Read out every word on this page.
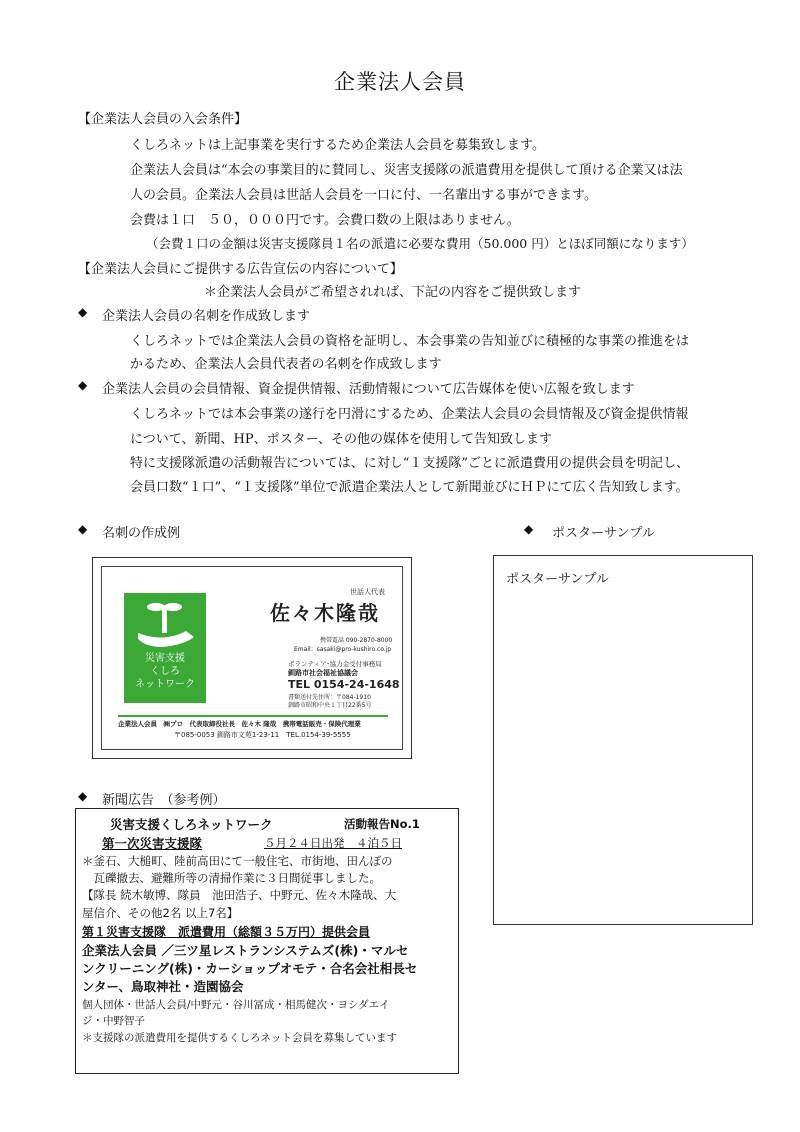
企業法人会員
【企業法人会員の入会条件】
くしろネットは上記事業を実行するため企業法人会員を募集致します。
企業法人会員は“本会の事業目的に賛同し、災害支援隊の派遣費用を提供して頂ける企業又は法
人の会員。企業法人会員は世話人会員を一口に付、一名輩出する事ができます。
会費は１口　５０，０００円です。会費口数の上限はありません。
（会費１口の金額は災害支援隊員１名の派遣に必要な費用（50.000 円）とほぼ同額になります）
【企業法人会員にご提供する広告宣伝の内容について】
＊企業法人会員がご希望されれば、下記の内容をご提供致します
◆ 企業法人会員の名刺を作成致します
くしろネットでは企業法人会員の資格を証明し、本会事業の告知並びに積極的な事業の推進をは
かるため、企業法人会員代表者の名刺を作成致します
◆ 企業法人会員の会員情報、資金提供情報、活動情報について広告媒体を使い広報を致します
くしろネットでは本会事業の遂行を円滑にするため、企業法人会員の会員情報及び資金提供情報
について、新聞、HP、ポスター、その他の媒体を使用して告知致します
特に支援隊派遣の活動報告については、に対し“１支援隊”ごとに派遣費用の提供会員を明記し、
会員口数“１口”、“１支援隊”単位で派遣企業法人として新聞並びにＨＰにて広く告知致します。
◆ 名刺の作成例	◆ ポスターサンプル
災害支援
くしろ
ネットワーク
世話人代表
佐々木隆哉
携帯電話 090-2870-8000
Email：sasaki@pro-kushiro.co.jp
ボランティア･協力金受付事務局
釧路市社会福祉協議会
TEL 0154-24-1648
書類送付先住所：〒084-1910
釧路市昭和中央１丁目22番5号
企業法人会員　㈱プロ　代表取締役社長　佐々木 隆哉　携帯電話販売・保険代理業
〒085-0053 釧路市文苑1-23-11　TEL.0154-39-5555
ポスターサンプル
◆ 新聞広告　（参考例）
災害支援くしろネットワーク	活動報告No.1
第一次災害支援隊	５月２４日出発　４泊５日
＊釜石、大槌町、陸前高田にて一般住宅、市街地、田んぼの
　瓦礫撤去、避難所等の清掃作業に３日間従事しました。
【隊長 続木敏博、隊員　池田浩子、中野元、佐々木隆哉、大
屋信介、その他2名 以上7名】
第１災害支援隊　派遣費用（総額３５万円）提供会員
企業法人会員 ／三ツ星レストランシステムズ(株)・マルセ
ンクリーニング(株)・カーショップオモテ・合名会社相長セ
ンター、鳥取神社・造園協会
個人団体・世話人会員/中野元・谷川冨成・相馬健次・ヨシダエイ
ジ・中野智子
＊支援隊の派遣費用を提供するくしろネット会員を募集しています
